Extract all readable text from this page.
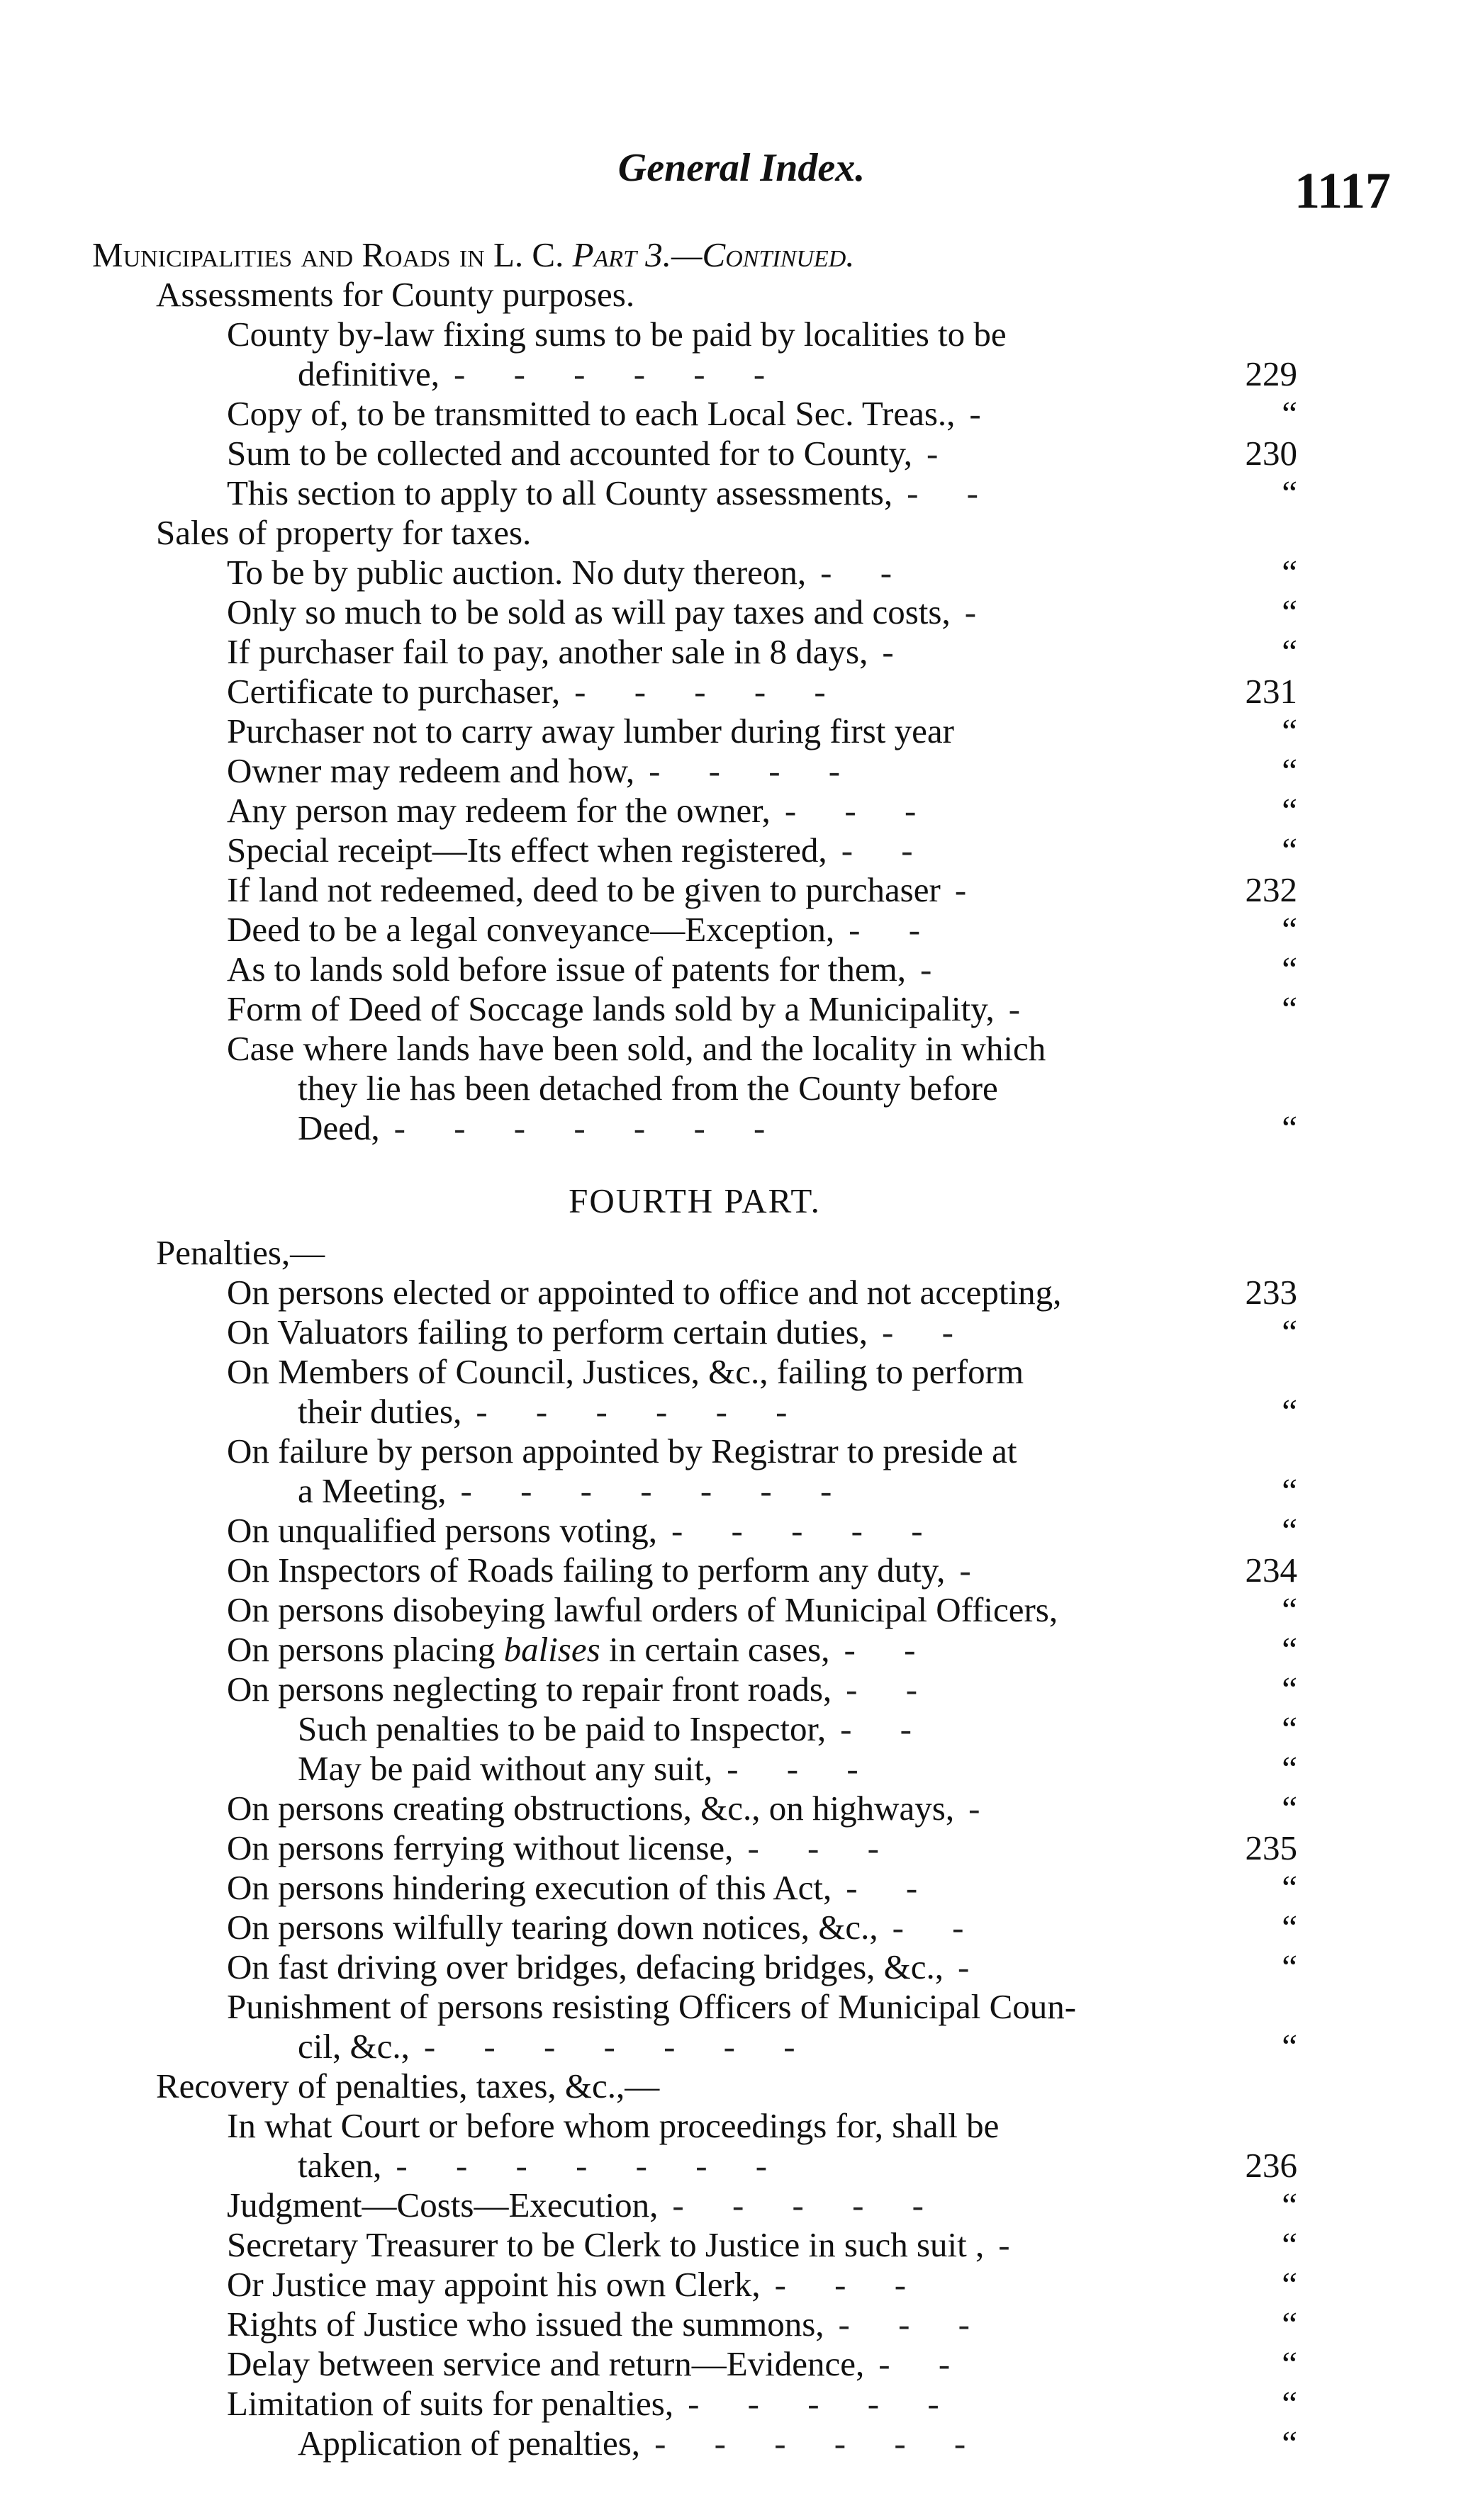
General Index.	1117
Municipalities and Roads in L. C. Part 3.—Continued.
Assessments for County purposes.
County by-law fixing sums to be paid by localities to be
definitive, - - - - - -	229
Copy of, to be transmitted to each Local Sec. Treas., -	“
Sum to be collected and accounted for to County, -	230
This section to apply to all County assessments, - -	“
Sales of property for taxes.
To be by public auction. No duty thereon, - -	“
Only so much to be sold as will pay taxes and costs, -	“
If purchaser fail to pay, another sale in 8 days, -	“
Certificate to purchaser, - - - - -	231
Purchaser not to carry away lumber during first year	“
Owner may redeem and how, - - - -	“
Any person may redeem for the owner, - - -	“
Special receipt—Its effect when registered, - -	“
If land not redeemed, deed to be given to purchaser -	232
Deed to be a legal conveyance—Exception, - -	“
As to lands sold before issue of patents for them, -	“
Form of Deed of Soccage lands sold by a Municipality, -	“
Case where lands have been sold, and the locality in which
they lie has been detached from the County before
Deed, - - - - - - -	“
FOURTH PART.
Penalties,—
On persons elected or appointed to office and not accepting,	233
On Valuators failing to perform certain duties, - -	“
On Members of Council, Justices, &c., failing to perform
their duties, - - - - - -	“
On failure by person appointed by Registrar to preside at
a Meeting, - - - - - - -	“
On unqualified persons voting, - - - - -	“
On Inspectors of Roads failing to perform any duty, -	234
On persons disobeying lawful orders of Municipal Officers,	“
On persons placing balises in certain cases, - -	“
On persons neglecting to repair front roads, - -	“
Such penalties to be paid to Inspector, - -	“
May be paid without any suit, - - -	“
On persons creating obstructions, &c., on highways, -	“
On persons ferrying without license, - - -	235
On persons hindering execution of this Act, - -	“
On persons wilfully tearing down notices, &c., - -	“
On fast driving over bridges, defacing bridges, &c., -	“
Punishment of persons resisting Officers of Municipal Coun-
cil, &c., - - - - - - -	“
Recovery of penalties, taxes, &c.,—
In what Court or before whom proceedings for, shall be
taken, - - - - - - -	236
Judgment—Costs—Execution, - - - - -	“
Secretary Treasurer to be Clerk to Justice in such suit , -	“
Or Justice may appoint his own Clerk, - - -	“
Rights of Justice who issued the summons, - - -	“
Delay between service and return—Evidence, - -	“
Limitation of suits for penalties, - - - - -	“
Application of penalties, - - - - - -	“
